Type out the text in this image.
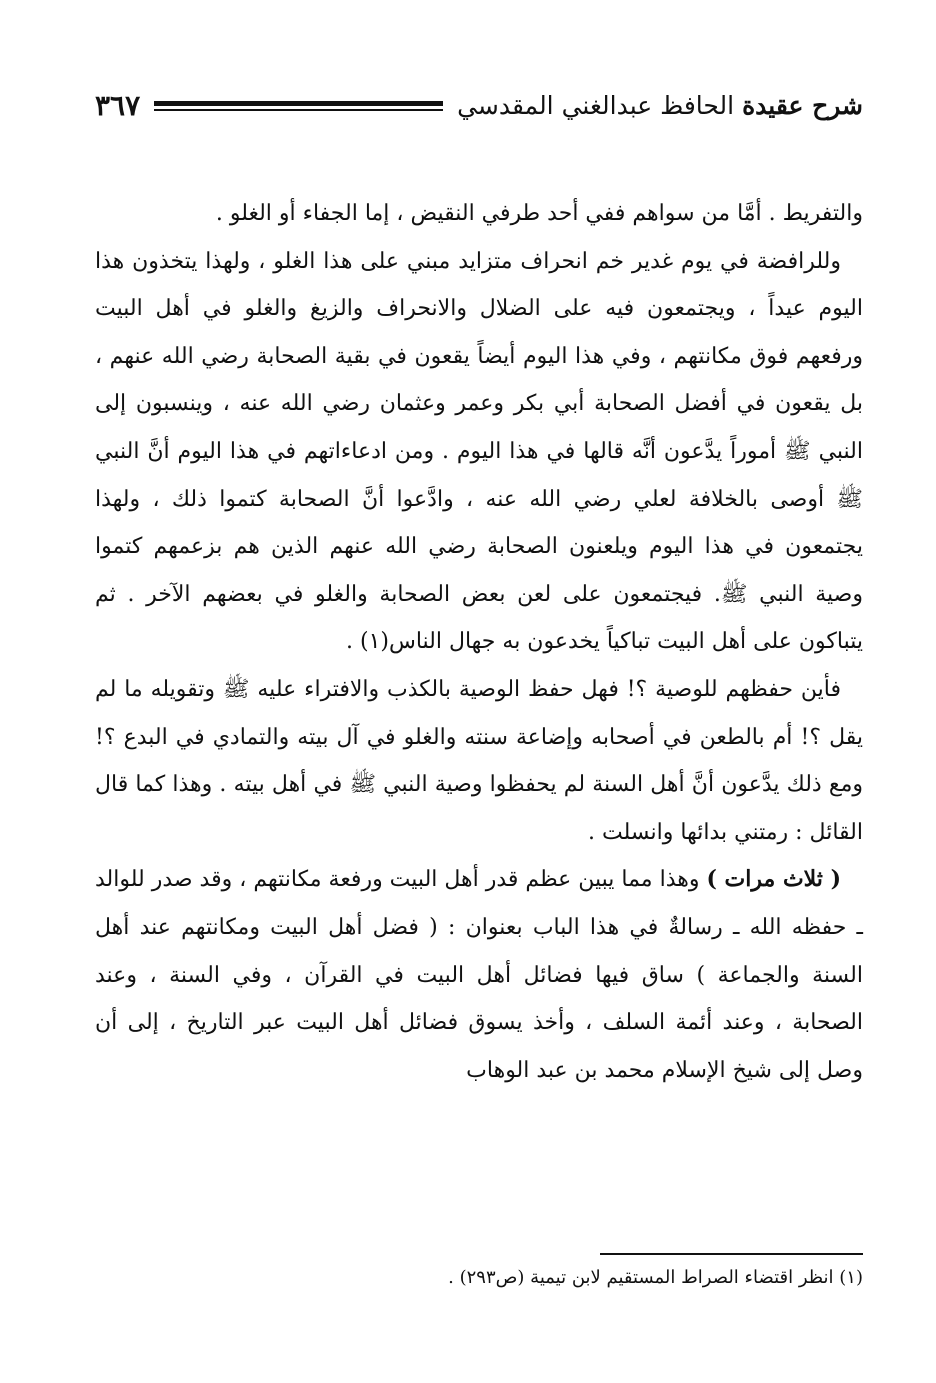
شرح عقيدة الحافظ عبدالغني المقدسي
٣٦٧

والتفريط . أمَّا من سواهم ففي أحد طرفي النقيض ، إما الجفاء أو الغلو .

وللرافضة في يوم غدير خم انحراف متزايد مبني على هذا الغلو ، ولهذا يتخذون هذا اليوم عيداً ، ويجتمعون فيه على الضلال والانحراف والزيغ والغلو في أهل البيت ورفعهم فوق مكانتهم ، وفي هذا اليوم أيضاً يقعون في بقية الصحابة رضي الله عنهم ، بل يقعون في أفضل الصحابة أبي بكر وعمر وعثمان رضي الله عنه ، وينسبون إلى النبي ﷺ أموراً يدَّعون أنَّه قالها في هذا اليوم . ومن ادعاءاتهم في هذا اليوم أنَّ النبي ﷺ أوصى بالخلافة لعلي رضي الله عنه ، وادَّعوا أنَّ الصحابة كتموا ذلك ، ولهذا يجتمعون في هذا اليوم ويلعنون الصحابة رضي الله عنهم الذين هم بزعمهم كتموا وصية النبي ﷺ. فيجتمعون على لعن بعض الصحابة والغلو في بعضهم الآخر . ثم يتباكون على أهل البيت تباكياً يخدعون به جهال الناس(١) .

فأين حفظهم للوصية ؟! فهل حفظ الوصية بالكذب والافتراء عليه ﷺ وتقويله ما لم يقل ؟! أم بالطعن في أصحابه وإضاعة سنته والغلو في آل بيته والتمادي في البدع ؟! ومع ذلك يدَّعون أنَّ أهل السنة لم يحفظوا وصية النبي ﷺ في أهل بيته . وهذا كما قال القائل : رمتني بدائها وانسلت .

( ثلاث مرات ) وهذا مما يبين عظم قدر أهل البيت ورفعة مكانتهم ، وقد صدر للوالد ـ حفظه الله ـ رسالةٌ في هذا الباب بعنوان : ( فضل أهل البيت ومكانتهم عند أهل السنة والجماعة ) ساق فيها فضائل أهل البيت في القرآن ، وفي السنة ، وعند الصحابة ، وعند أئمة السلف ، وأخذ يسوق فضائل أهل البيت عبر التاريخ ، إلى أن وصل إلى شيخ الإسلام محمد بن عبد الوهاب

(١) انظر اقتضاء الصراط المستقيم لابن تيمية (ص٢٩٣) .
